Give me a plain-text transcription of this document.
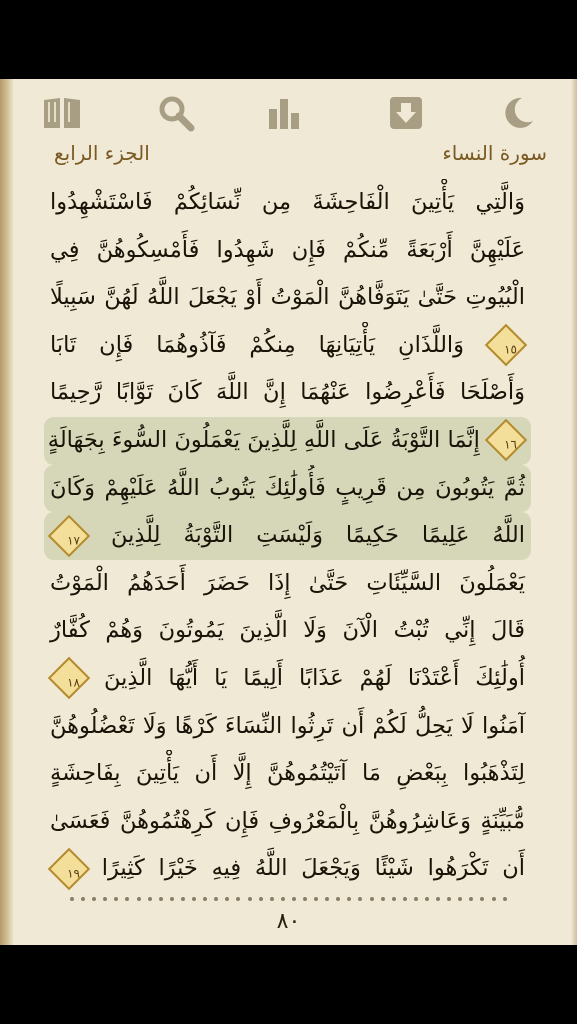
الجزء الرابع	سورة النساء
وَالَّتِي يَأْتِينَ الْفَاحِشَةَ مِن نِّسَائِكُمْ فَاسْتَشْهِدُوا
عَلَيْهِنَّ أَرْبَعَةً مِّنكُمْ فَإِن شَهِدُوا فَأَمْسِكُوهُنَّ فِي
الْبُيُوتِ حَتَّىٰ يَتَوَفَّاهُنَّ الْمَوْتُ أَوْ يَجْعَلَ اللَّهُ لَهُنَّ سَبِيلًا
١٥ وَاللَّذَانِ يَأْتِيَانِهَا مِنكُمْ فَآذُوهُمَا فَإِن تَابَا
وَأَصْلَحَا فَأَعْرِضُوا عَنْهُمَا إِنَّ اللَّهَ كَانَ تَوَّابًا رَّحِيمًا
١٦ إِنَّمَا التَّوْبَةُ عَلَى اللَّهِ لِلَّذِينَ يَعْمَلُونَ السُّوءَ بِجَهَالَةٍ
ثُمَّ يَتُوبُونَ مِن قَرِيبٍ فَأُولَٰئِكَ يَتُوبُ اللَّهُ عَلَيْهِمْ وَكَانَ
اللَّهُ عَلِيمًا حَكِيمًا وَلَيْسَتِ التَّوْبَةُ لِلَّذِينَ ١٧
يَعْمَلُونَ السَّيِّئَاتِ حَتَّىٰ إِذَا حَضَرَ أَحَدَهُمُ الْمَوْتُ
قَالَ إِنِّي تُبْتُ الْآنَ وَلَا الَّذِينَ يَمُوتُونَ وَهُمْ كُفَّارٌ
أُولَٰئِكَ أَعْتَدْنَا لَهُمْ عَذَابًا أَلِيمًا يَا أَيُّهَا الَّذِينَ ١٨
آمَنُوا لَا يَحِلُّ لَكُمْ أَن تَرِثُوا النِّسَاءَ كَرْهًا وَلَا تَعْضُلُوهُنَّ
لِتَذْهَبُوا بِبَعْضِ مَا آتَيْتُمُوهُنَّ إِلَّا أَن يَأْتِينَ بِفَاحِشَةٍ
مُّبَيِّنَةٍ وَعَاشِرُوهُنَّ بِالْمَعْرُوفِ فَإِن كَرِهْتُمُوهُنَّ فَعَسَىٰ
أَن تَكْرَهُوا شَيْئًا وَيَجْعَلَ اللَّهُ فِيهِ خَيْرًا كَثِيرًا ١٩
٨٠
